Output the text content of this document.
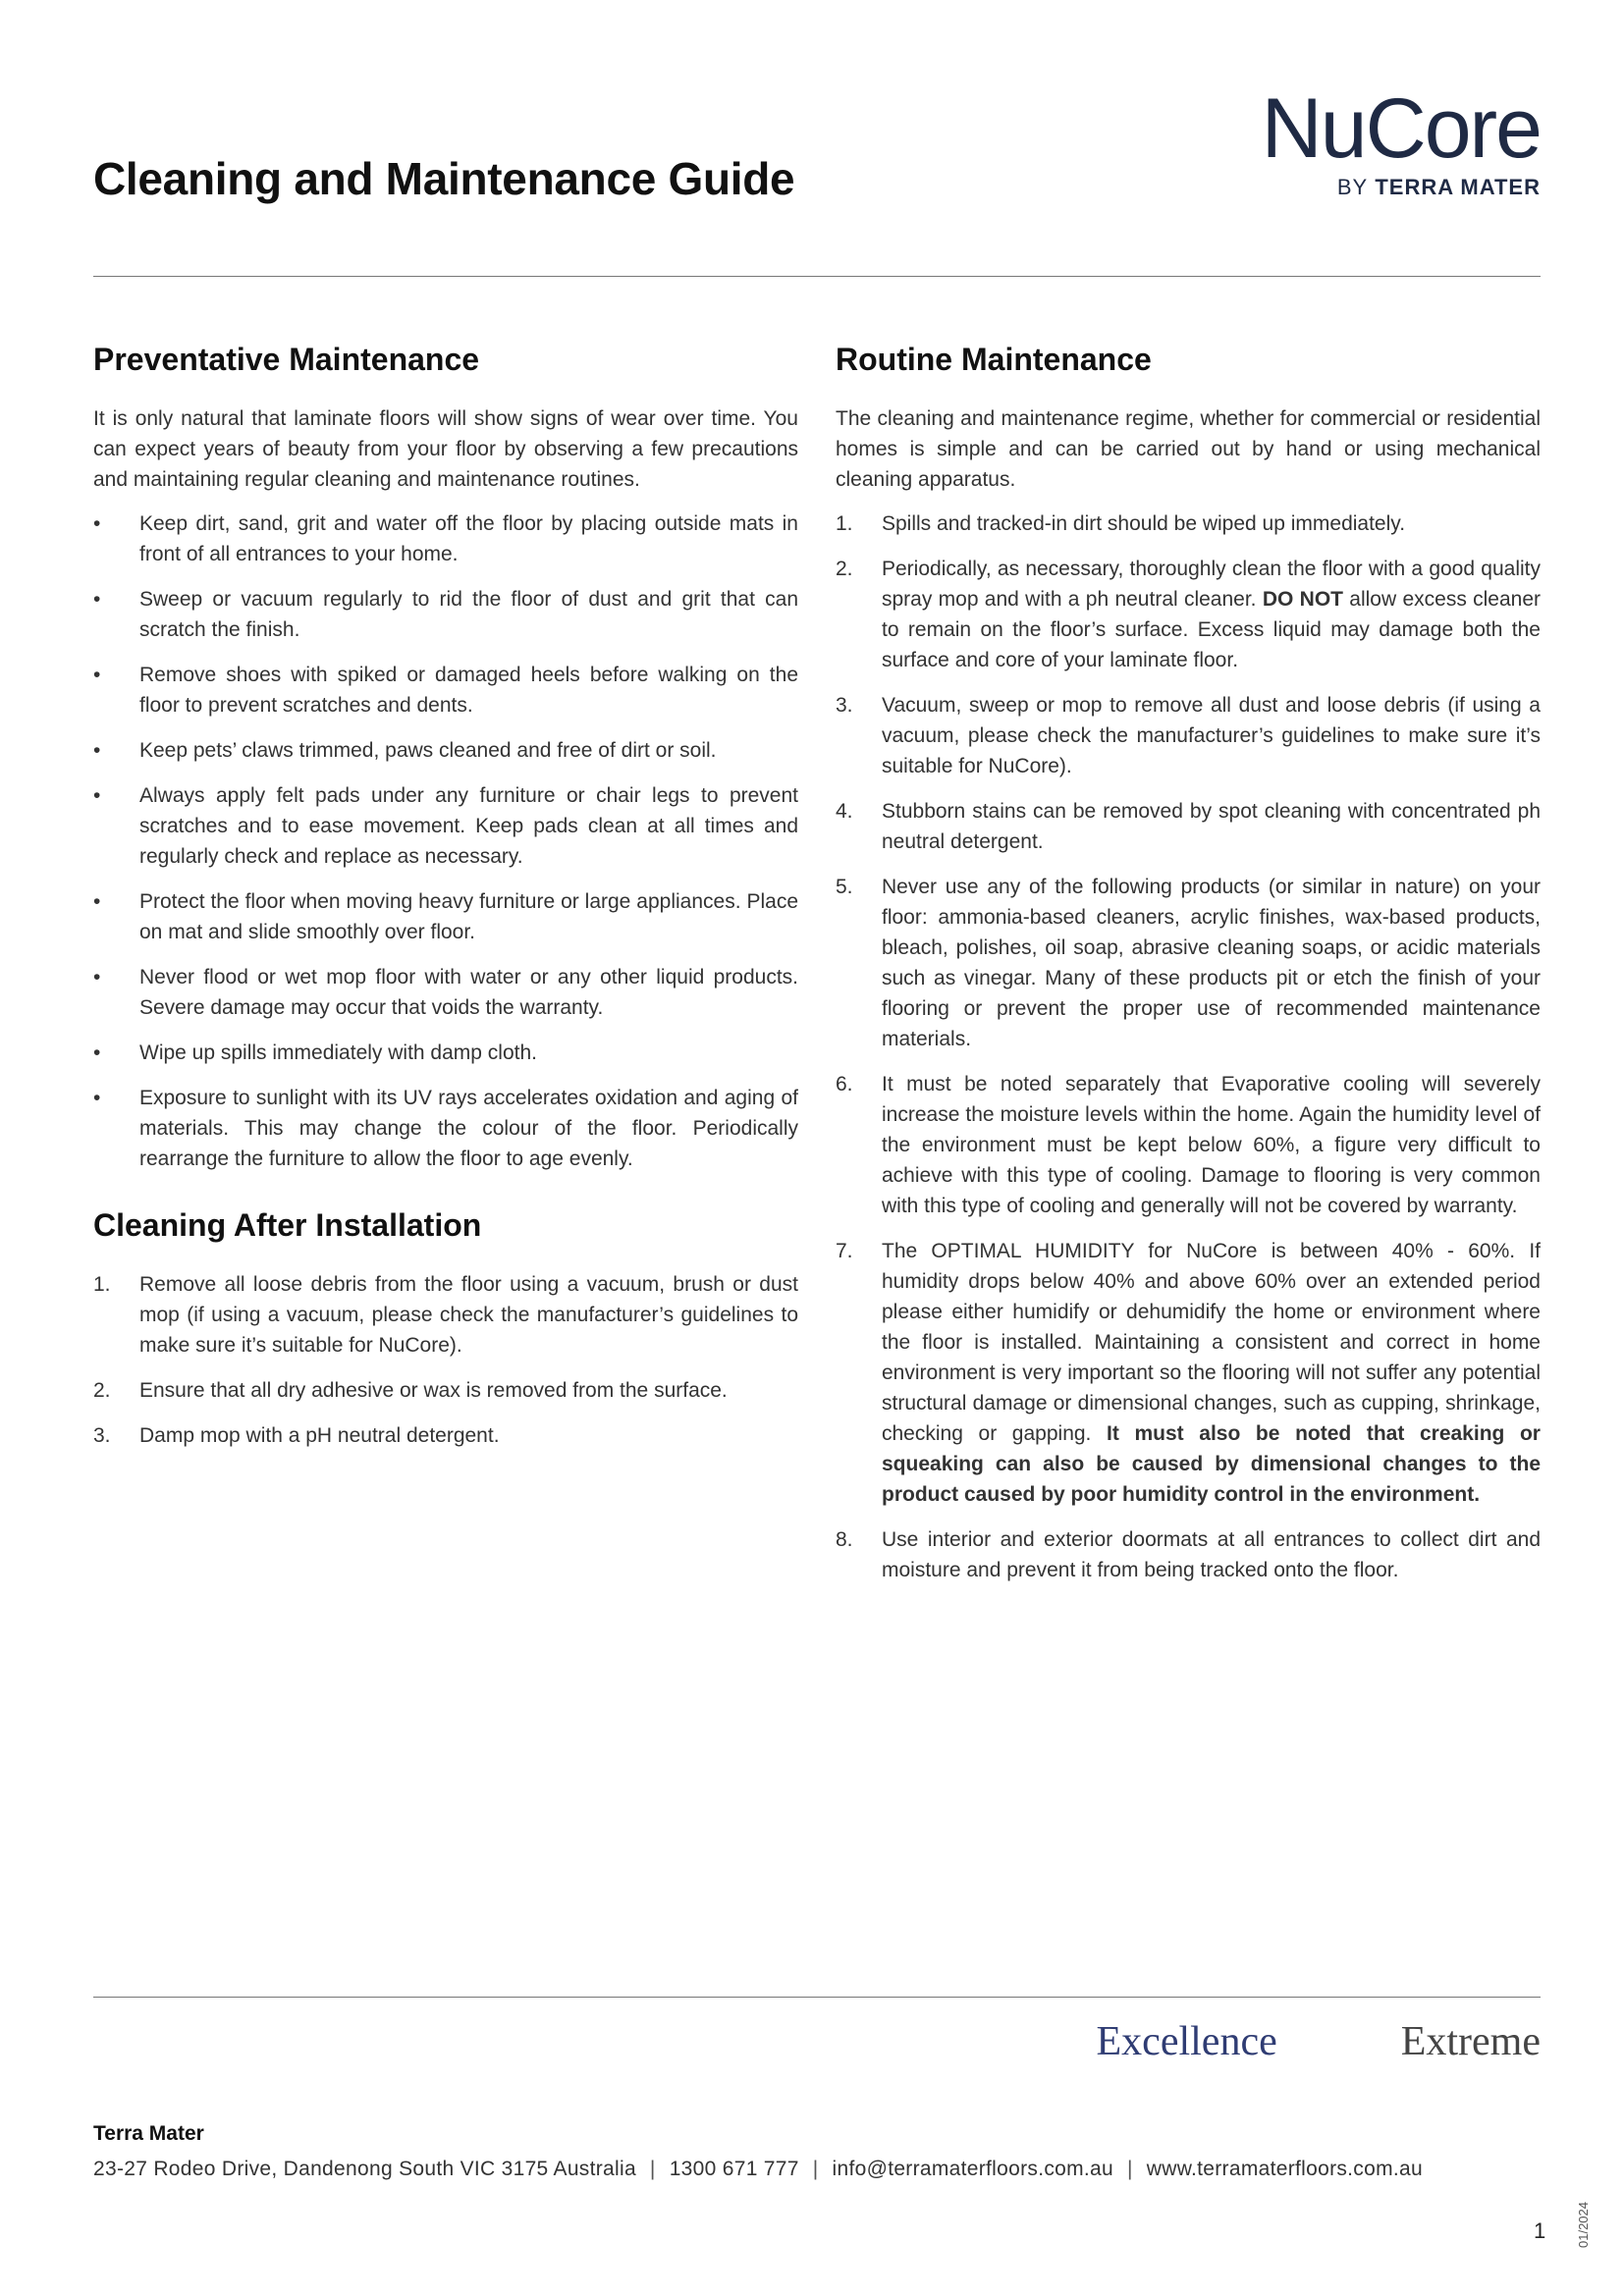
Cleaning and Maintenance Guide
NuCore
BY TERRA MATER
Preventative Maintenance

It is only natural that laminate floors will show signs of wear over time. You can expect years of beauty from your floor by observing a few precautions and maintaining regular cleaning and maintenance routines.

• Keep dirt, sand, grit and water off the floor by placing outside mats in front of all entrances to your home.
• Sweep or vacuum regularly to rid the floor of dust and grit that can scratch the finish.
• Remove shoes with spiked or damaged heels before walking on the floor to prevent scratches and dents.
• Keep pets’ claws trimmed, paws cleaned and free of dirt or soil.
• Always apply felt pads under any furniture or chair legs to prevent scratches and to ease movement. Keep pads clean at all times and regularly check and replace as necessary.
• Protect the floor when moving heavy furniture or large appliances. Place on mat and slide smoothly over floor.
• Never flood or wet mop floor with water or any other liquid products. Severe damage may occur that voids the warranty.
• Wipe up spills immediately with damp cloth.
• Exposure to sunlight with its UV rays accelerates oxidation and aging of materials. This may change the colour of the floor. Periodically rearrange the furniture to allow the floor to age evenly.
Cleaning After Installation
1. Remove all loose debris from the floor using a vacuum, brush or dust mop (if using a vacuum, please check the manufacturer’s guidelines to make sure it’s suitable for NuCore).
2. Ensure that all dry adhesive or wax is removed from the surface.
3. Damp mop with a pH neutral detergent.
Routine Maintenance

The cleaning and maintenance regime, whether for commercial or residential homes is simple and can be carried out by hand or using mechanical cleaning apparatus.

1. Spills and tracked-in dirt should be wiped up immediately.
2. Periodically, as necessary, thoroughly clean the floor with a good quality spray mop and with a ph neutral cleaner. DO NOT allow excess cleaner to remain on the floor’s surface. Excess liquid may damage both the surface and core of your laminate floor.
3. Vacuum, sweep or mop to remove all dust and loose debris (if using a vacuum, please check the manufacturer’s guidelines to make sure it’s suitable for NuCore).
4. Stubborn stains can be removed by spot cleaning with concentrated ph neutral detergent.
5. Never use any of the following products (or similar in nature) on your floor: ammonia-based cleaners, acrylic finishes, wax-based products, bleach, polishes, oil soap, abrasive cleaning soaps, or acidic materials such as vinegar. Many of these products pit or etch the finish of your flooring or prevent the proper use of recommended maintenance materials.
6. It must be noted separately that Evaporative cooling will severely increase the moisture levels within the home. Again the humidity level of the environment must be kept below 60%, a figure very difficult to achieve with this type of cooling. Damage to flooring is very common with this type of cooling and generally will not be covered by warranty.
7. The OPTIMAL HUMIDITY for NuCore is between 40% - 60%. If humidity drops below 40% and above 60% over an extended period please either humidify or dehumidify the home or environment where the floor is installed. Maintaining a consistent and correct in home environment is very important so the flooring will not suffer any potential structural damage or dimensional changes, such as cupping, shrinkage, checking or gapping. It must also be noted that creaking or squeaking can also be caused by dimensional changes to the product caused by poor humidity control in the environment.
8. Use interior and exterior doormats at all entrances to collect dirt and moisture and prevent it from being tracked onto the floor.
Excellence	Extreme
Terra Mater
23-27 Rodeo Drive, Dandenong South VIC 3175 Australia | 1300 671 777 | info@terramaterfloors.com.au | www.terramaterfloors.com.au
1 01/2024
